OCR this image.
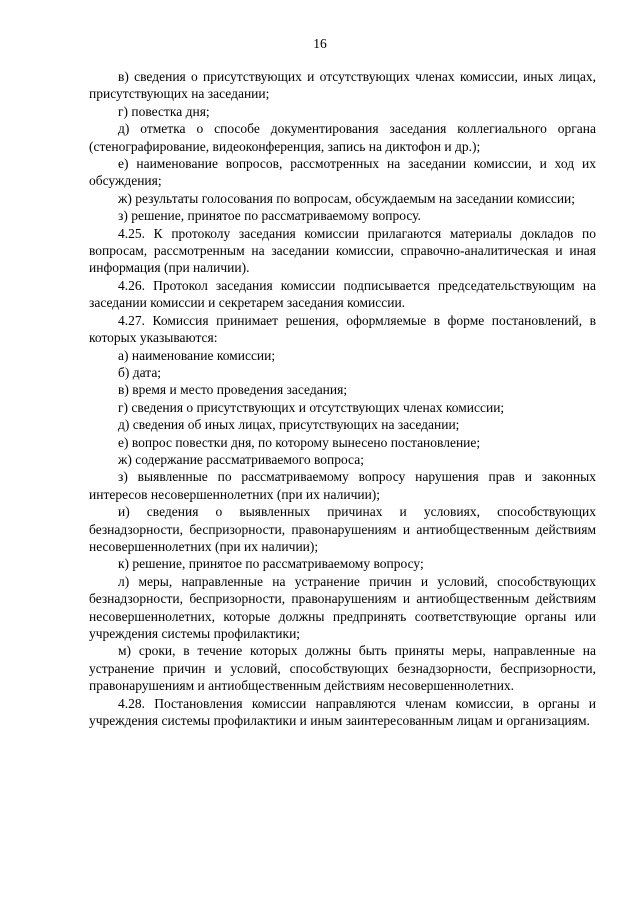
16

в) сведения о присутствующих и отсутствующих членах комиссии, иных лицах, присутствующих на заседании;

г) повестка дня;

д) отметка о способе документирования заседания коллегиального органа (стенографирование, видеоконференция, запись на диктофон и др.);

е) наименование вопросов, рассмотренных на заседании комиссии, и ход их обсуждения;

ж) результаты голосования по вопросам, обсуждаемым на заседании комиссии;

з) решение, принятое по рассматриваемому вопросу.

4.25. К протоколу заседания комиссии прилагаются материалы докладов по вопросам, рассмотренным на заседании комиссии, справочно-аналитическая и иная информация (при наличии).

4.26. Протокол заседания комиссии подписывается председательствующим на заседании комиссии и секретарем заседания комиссии.

4.27. Комиссия принимает решения, оформляемые в форме постановлений, в которых указываются:

а) наименование комиссии;

б) дата;

в) время и место проведения заседания;

г) сведения о присутствующих и отсутствующих членах комиссии;

д) сведения об иных лицах, присутствующих на заседании;

е) вопрос повестки дня, по которому вынесено постановление;

ж) содержание рассматриваемого вопроса;

з) выявленные по рассматриваемому вопросу нарушения прав и законных интересов несовершеннолетних (при их наличии);

и) сведения о выявленных причинах и условиях, способствующих безнадзорности, беспризорности, правонарушениям и антиобщественным действиям несовершеннолетних (при их наличии);

к) решение, принятое по рассматриваемому вопросу;

л) меры, направленные на устранение причин и условий, способствующих безнадзорности, беспризорности, правонарушениям и антиобщественным действиям несовершеннолетних, которые должны предпринять соответствующие органы или учреждения системы профилактики;

м) сроки, в течение которых должны быть приняты меры, направленные на устранение причин и условий, способствующих безнадзорности, беспризорности, правонарушениям и антиобщественным действиям несовершеннолетних.

4.28. Постановления комиссии направляются членам комиссии, в органы и учреждения системы профилактики и иным заинтересованным лицам и организациям.
